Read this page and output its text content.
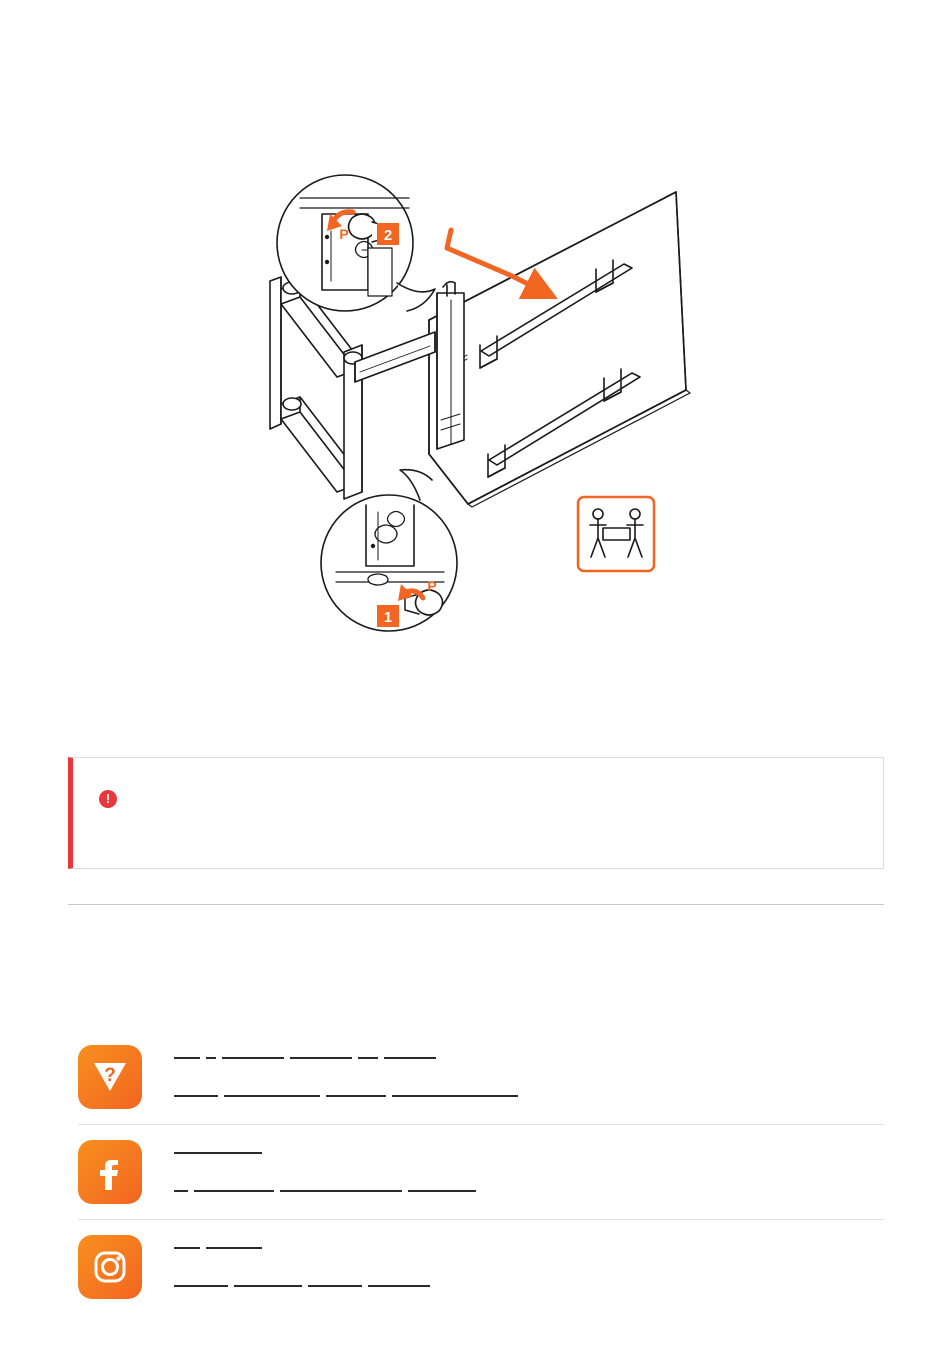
2
P
1
P
!
?
